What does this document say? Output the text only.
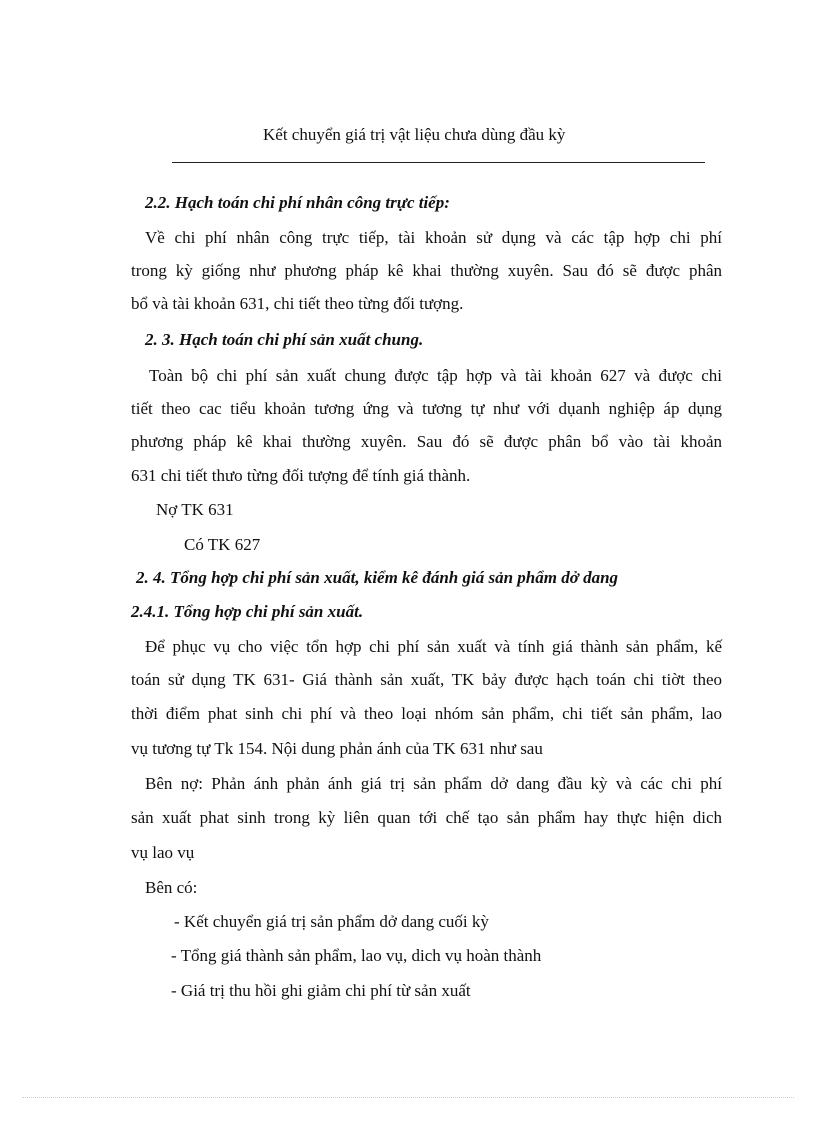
Kết chuyển giá trị vật liệu chưa dùng đầu kỳ
2.2. Hạch toán chi phí nhân công trực tiếp:
Về chi phí nhân công trực tiếp, tài khoản sử dụng và các tập hợp chi phí
trong kỳ giống như phương pháp kê khai thường xuyên. Sau đó sẽ được phân
bổ và tài khoản 631, chi tiết theo từng đối tượng.
2. 3. Hạch toán chi phí sản xuất chung.
Toàn bộ chi phí sản xuất chung được tập hợp và tài khoản 627 và được chi
tiết theo cac tiểu khoản tương ứng và tương tự như với dụanh nghiệp áp dụng
phương pháp kê khai thường xuyên. Sau đó sẽ được phân bổ vào tài khoản
631 chi tiết thưo từng đối tượng để tính giá thành.
Nợ TK 631
Có TK 627
2. 4. Tổng hợp chi phí sản xuất, kiểm kê đánh giá sản phẩm dở dang
2.4.1. Tổng hợp chi phí sản xuất.
Để phục vụ cho việc tổn hợp chi phí sản xuất và tính giá thành sản phẩm, kế
toán sử dụng TK 631- Giá thành sản xuất, TK bảy được hạch toán chi tiờt theo
thời điểm phat sinh chi phí và theo loại nhóm sản phẩm, chi tiết sản phẩm, lao
vụ tương tự Tk 154. Nội dung phản ánh của TK 631 như sau
Bên nợ: Phản ánh phản ánh giá trị sản phẩm dở dang đầu kỳ và các chi phí
sản xuất phat sinh trong kỳ liên quan tới chế tạo sản phẩm hay thực hiện dich
vụ lao vụ
Bên có:
- Kết chuyển giá trị sản phẩm dở dang cuối kỳ
- Tổng giá thành sản phẩm, lao vụ, dich vụ hoàn thành
- Giá trị thu hồi ghi giảm chi phí từ sản xuất
